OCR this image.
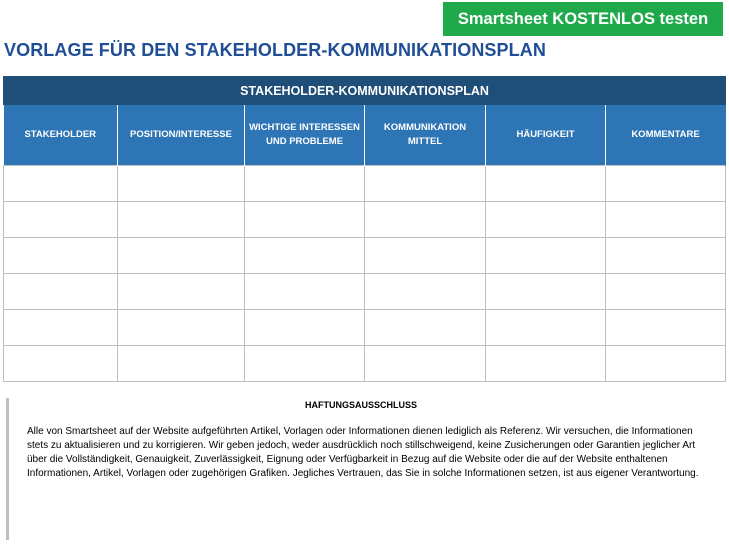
Smartsheet KOSTENLOS testen
VORLAGE FÜR DEN STAKEHOLDER-KOMMUNIKATIONSPLAN
STAKEHOLDER-KOMMUNIKATIONSPLAN					
STAKEHOLDER	POSITION/INTERESSE	WICHTIGE INTERESSEN UND PROBLEME	KOMMUNIKATION MITTEL	HÄUFIGKEIT	KOMMENTARE

HAFTUNGSAUSSCHLUSS

Alle von Smartsheet auf der Website aufgeführten Artikel, Vorlagen oder Informationen dienen lediglich als Referenz. Wir versuchen, die Informationen stets zu aktualisieren und zu korrigieren. Wir geben jedoch, weder ausdrücklich noch stillschweigend, keine Zusicherungen oder Garantien jeglicher Art über die Vollständigkeit, Genauigkeit, Zuverlässigkeit, Eignung oder Verfügbarkeit in Bezug auf die Website oder die auf der Website enthaltenen Informationen, Artikel, Vorlagen oder zugehörigen Grafiken. Jegliches Vertrauen, das Sie in solche Informationen setzen, ist aus eigener Verantwortung.
